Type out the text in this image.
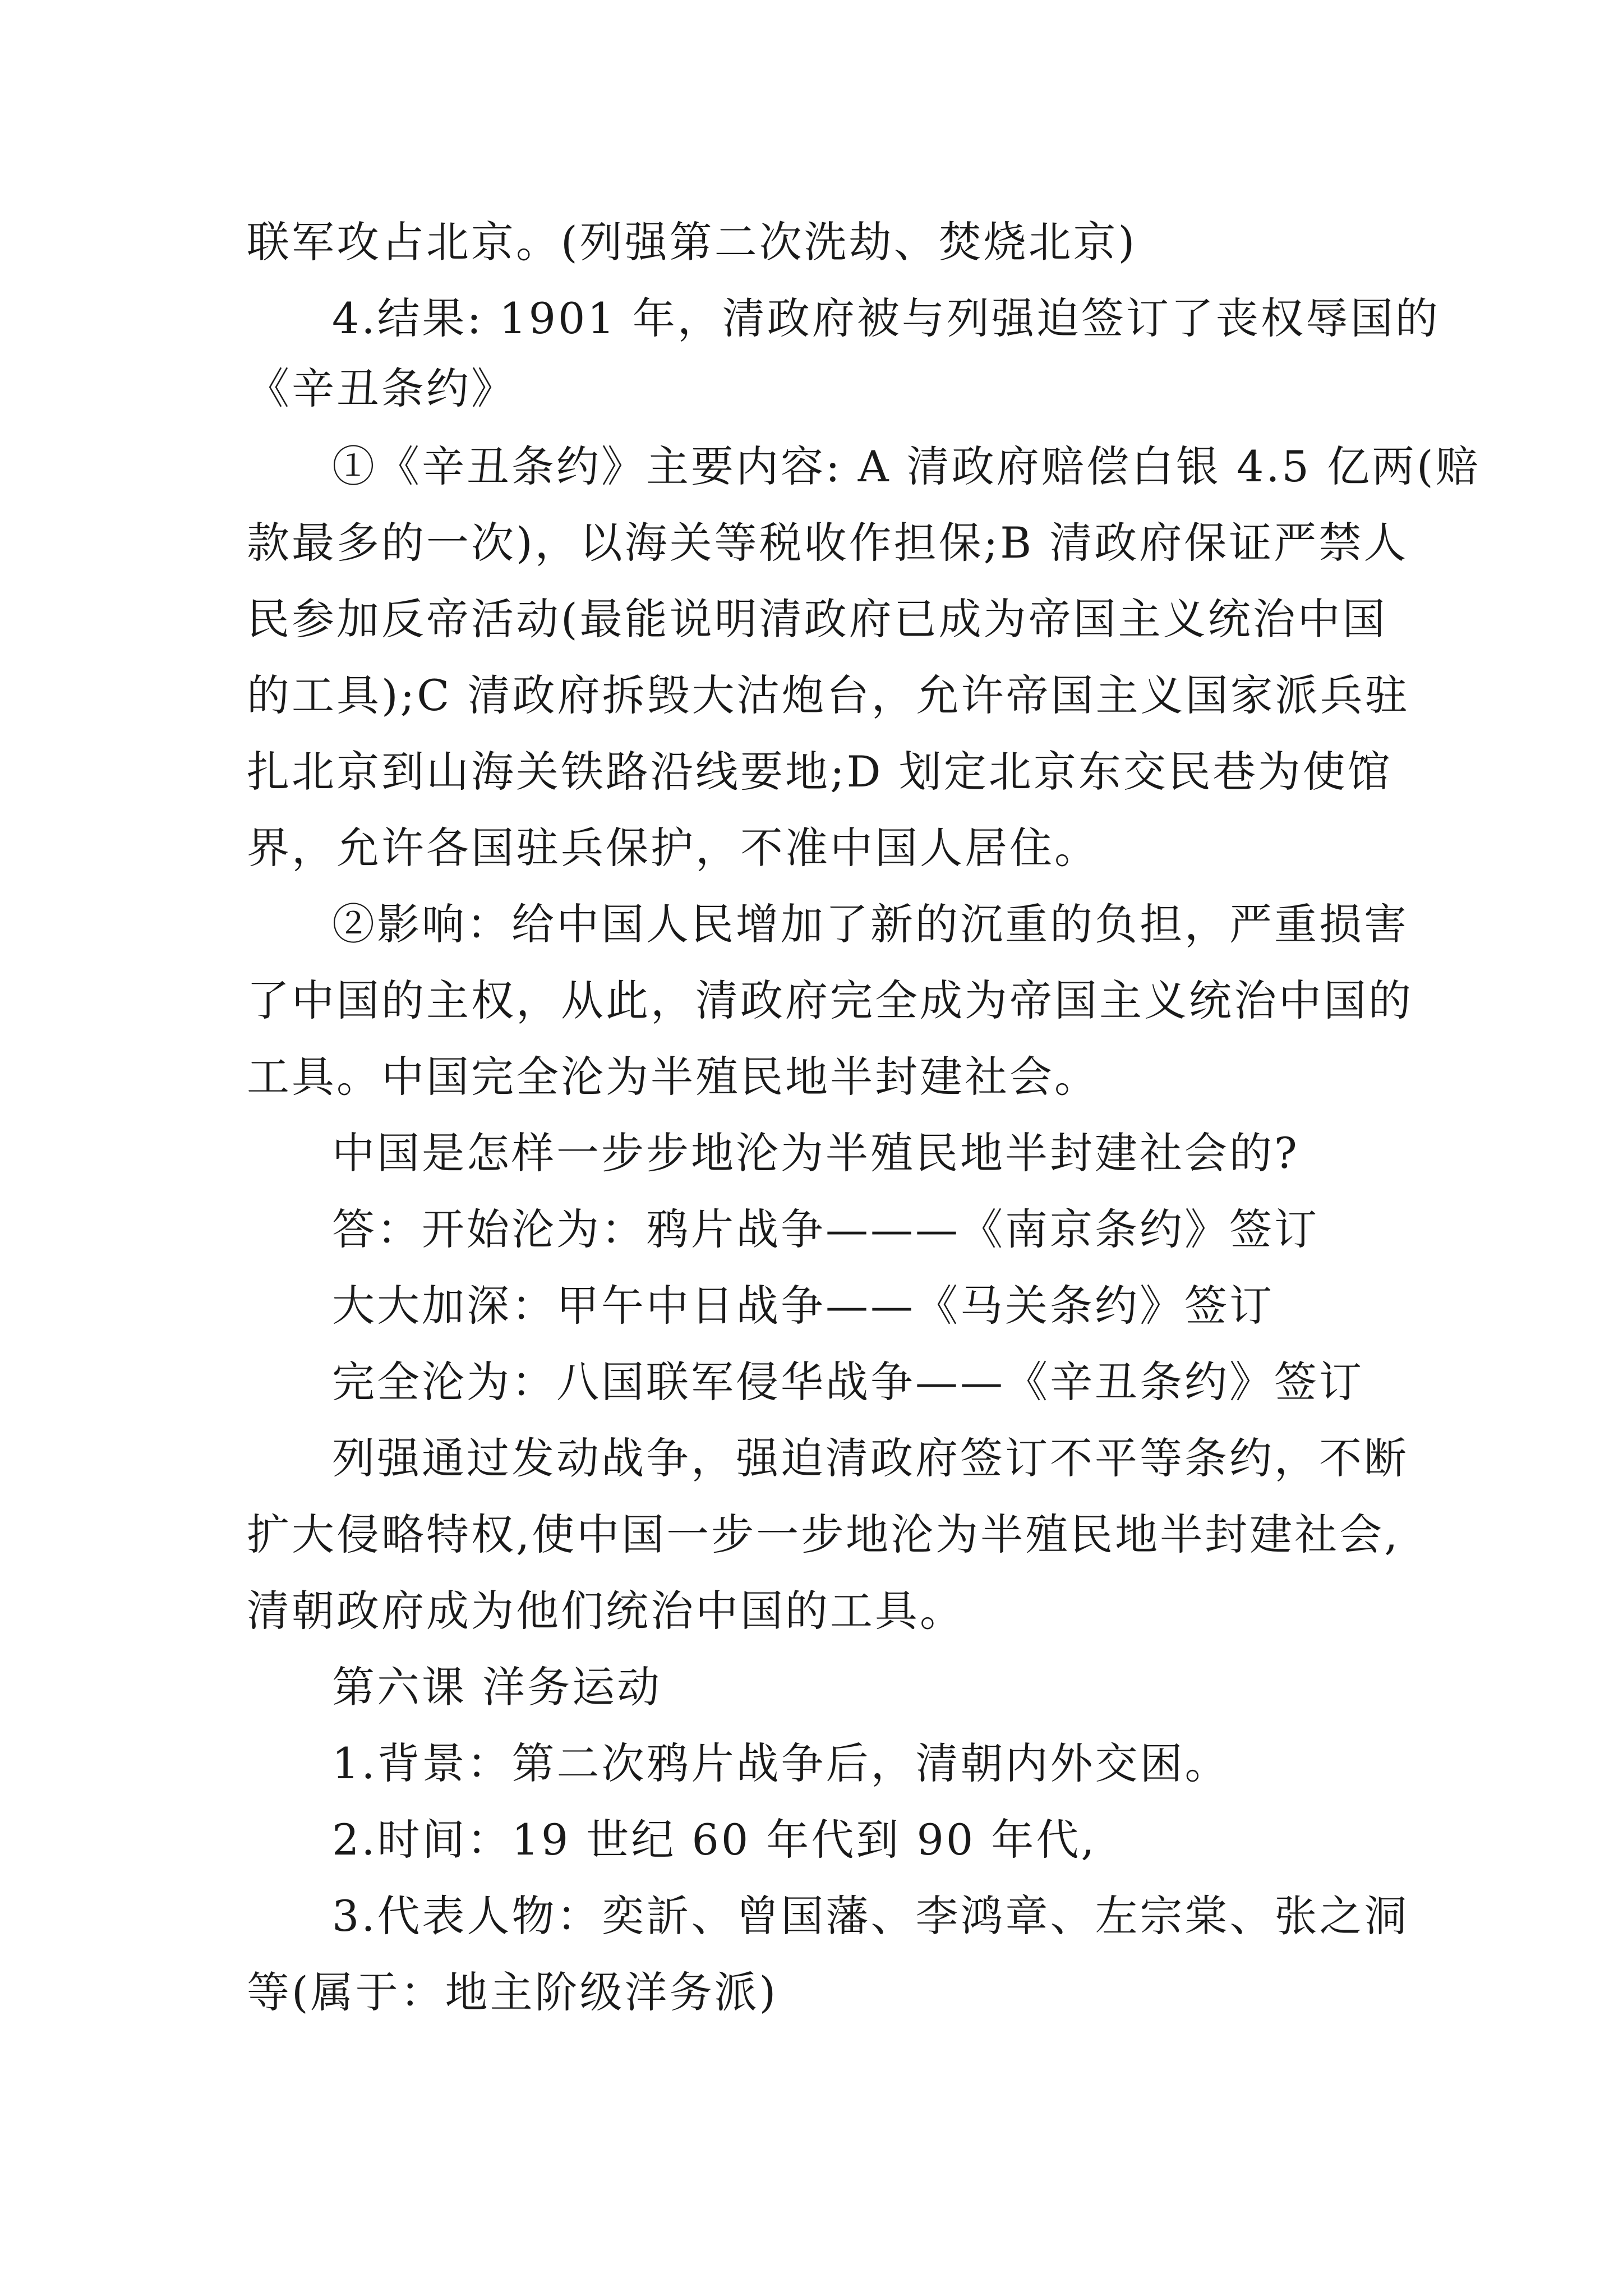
联军攻占北京。(列强第二次洗劫、焚烧北京)
4.结果: 1901 年，清政府被与列强迫签订了丧权辱国的
《辛丑条约》
①《辛丑条约》主要内容: A 清政府赔偿白银 4.5 亿两(赔
款最多的一次)，以海关等税收作担保;B 清政府保证严禁人
民参加反帝活动(最能说明清政府已成为帝国主义统治中国
的工具);C 清政府拆毁大沽炮台，允许帝国主义国家派兵驻
扎北京到山海关铁路沿线要地;D 划定北京东交民巷为使馆
界，允许各国驻兵保护，不准中国人居住。
②影响：给中国人民增加了新的沉重的负担，严重损害
了中国的主权，从此，清政府完全成为帝国主义统治中国的
工具。中国完全沦为半殖民地半封建社会。
中国是怎样一步步地沦为半殖民地半封建社会的?
答：开始沦为：鸦片战争———《南京条约》签订
大大加深：甲午中日战争——《马关条约》签订
完全沦为：八国联军侵华战争——《辛丑条约》签订
列强通过发动战争，强迫清政府签订不平等条约，不断
扩大侵略特权,使中国一步一步地沦为半殖民地半封建社会,
清朝政府成为他们统治中国的工具。
第六课 洋务运动
1.背景：第二次鸦片战争后，清朝内外交困。
2.时间：19 世纪 60 年代到 90 年代,
3.代表人物：奕訢、曾国藩、李鸿章、左宗棠、张之洞
等(属于：地主阶级洋务派)
